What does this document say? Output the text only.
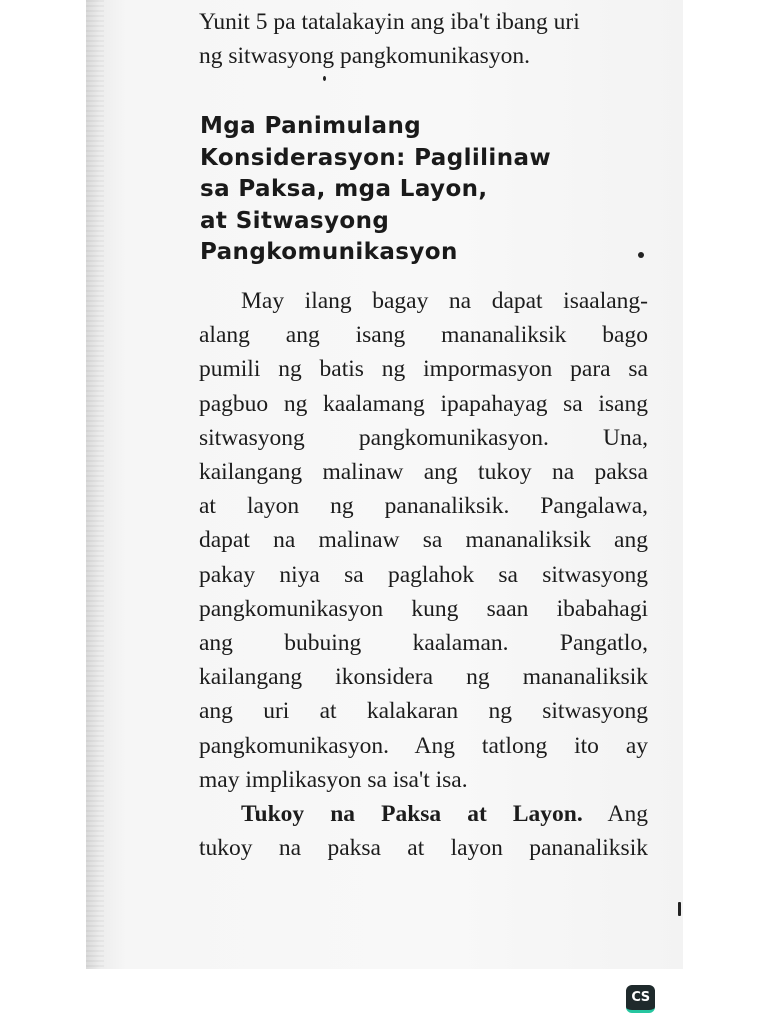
Yunit 5 pa tatalakayin ang iba't ibang uri
ng sitwasyong pangkomunikasyon.
Mga Panimulang
Konsiderasyon: Paglilinaw
sa Paksa, mga Layon,
at Sitwasyong
Pangkomunikasyon
May ilang bagay na dapat isaalang-
alang ang isang mananaliksik bago
pumili ng batis ng impormasyon para sa
pagbuo ng kaalamang ipapahayag sa isang
sitwasyong pangkomunikasyon. Una,
kailangang malinaw ang tukoy na paksa
at layon ng pananaliksik. Pangalawa,
dapat na malinaw sa mananaliksik ang
pakay niya sa paglahok sa sitwasyong
pangkomunikasyon kung saan ibabahagi
ang bubuing kaalaman. Pangatlo,
kailangang ikonsidera ng mananaliksik
ang uri at kalakaran ng sitwasyong
pangkomunikasyon. Ang tatlong ito ay
may implikasyon sa isa't isa.
Tukoy na Paksa at Layon. Ang
tukoy na paksa at layon pananaliksik
CS
